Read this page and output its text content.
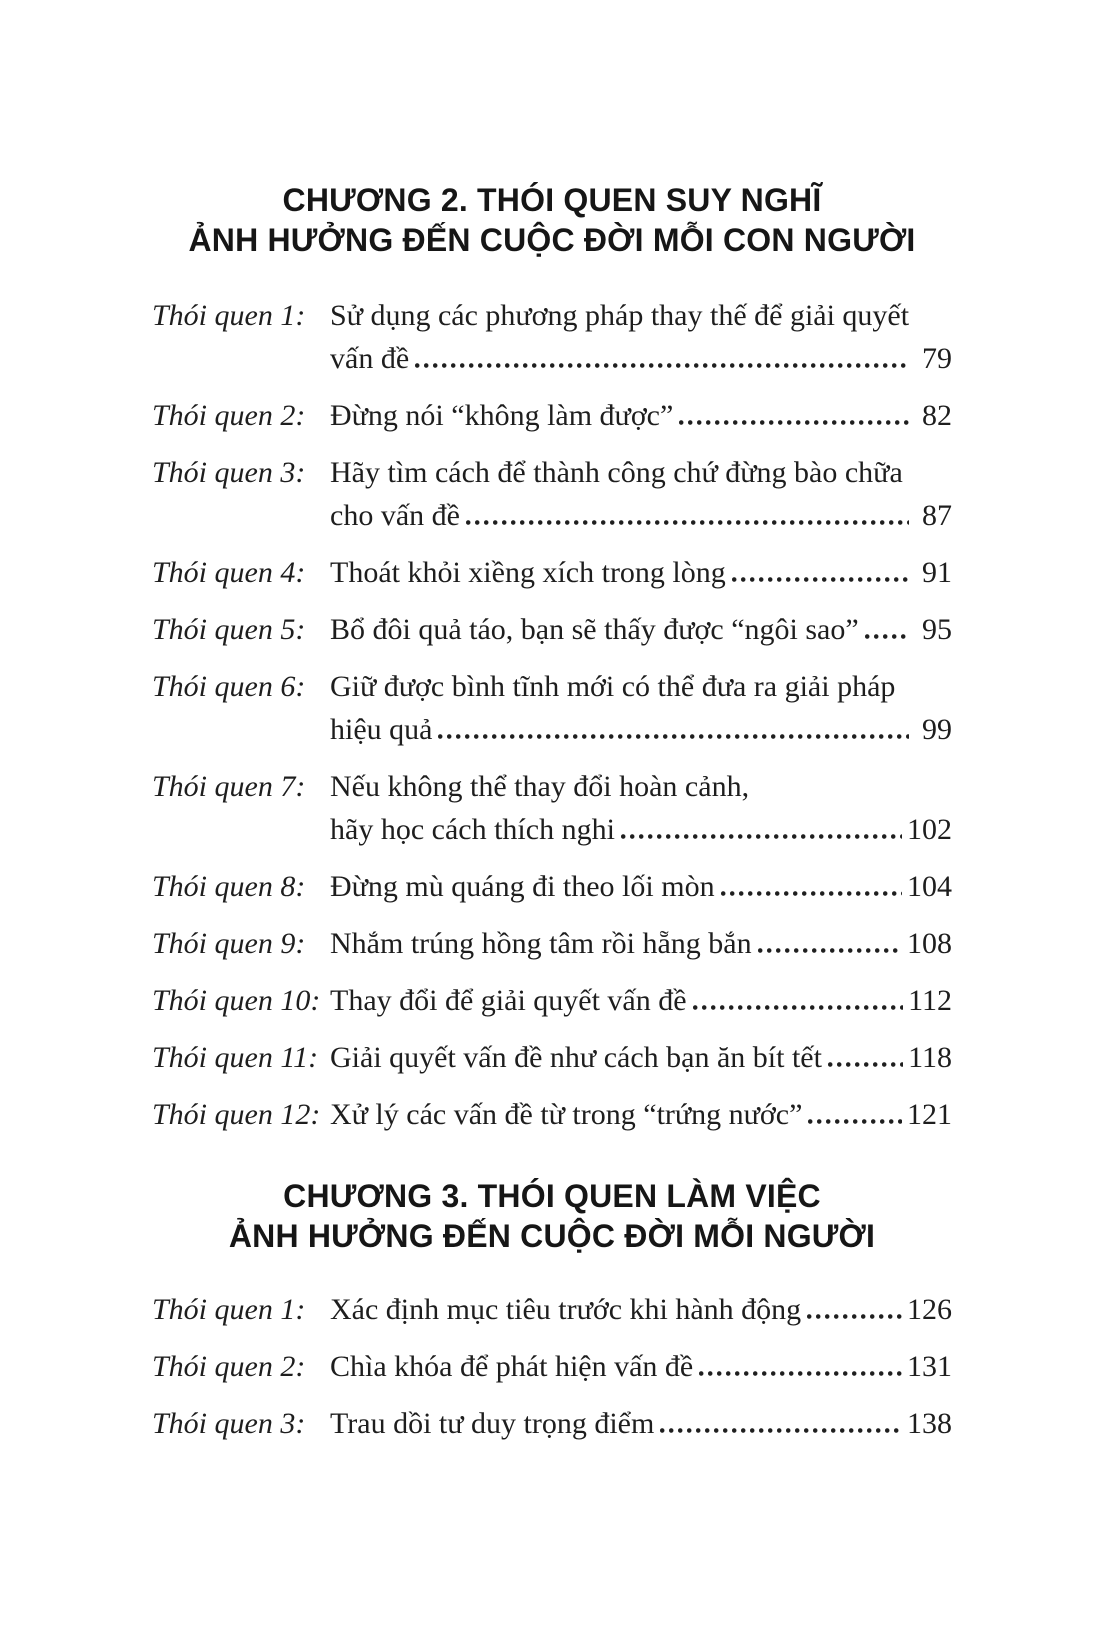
CHƯƠNG 2. THÓI QUEN SUY NGHĨ
ẢNH HƯỞNG ĐẾN CUỘC ĐỜI MỖI CON NGƯỜI
Thói quen 1: Sử dụng các phương pháp thay thế để giải quyết
vấn đề	79
Thói quen 2: Đừng nói “không làm được”	82
Thói quen 3: Hãy tìm cách để thành công chứ đừng bào chữa
cho vấn đề	87
Thói quen 4: Thoát khỏi xiềng xích trong lòng	91
Thói quen 5: Bổ đôi quả táo, bạn sẽ thấy được “ngôi sao”	95
Thói quen 6: Giữ được bình tĩnh mới có thể đưa ra giải pháp
hiệu quả	99
Thói quen 7: Nếu không thể thay đổi hoàn cảnh,
hãy học cách thích nghi	102
Thói quen 8: Đừng mù quáng đi theo lối mòn	104
Thói quen 9: Nhắm trúng hồng tâm rồi hẵng bắn	108
Thói quen 10: Thay đổi để giải quyết vấn đề	112
Thói quen 11: Giải quyết vấn đề như cách bạn ăn bít tết	118
Thói quen 12: Xử lý các vấn đề từ trong “trứng nước”	121
CHƯƠNG 3. THÓI QUEN LÀM VIỆC
ẢNH HƯỞNG ĐẾN CUỘC ĐỜI MỖI NGƯỜI
Thói quen 1: Xác định mục tiêu trước khi hành động	126
Thói quen 2: Chìa khóa để phát hiện vấn đề	131
Thói quen 3: Trau dồi tư duy trọng điểm	138
